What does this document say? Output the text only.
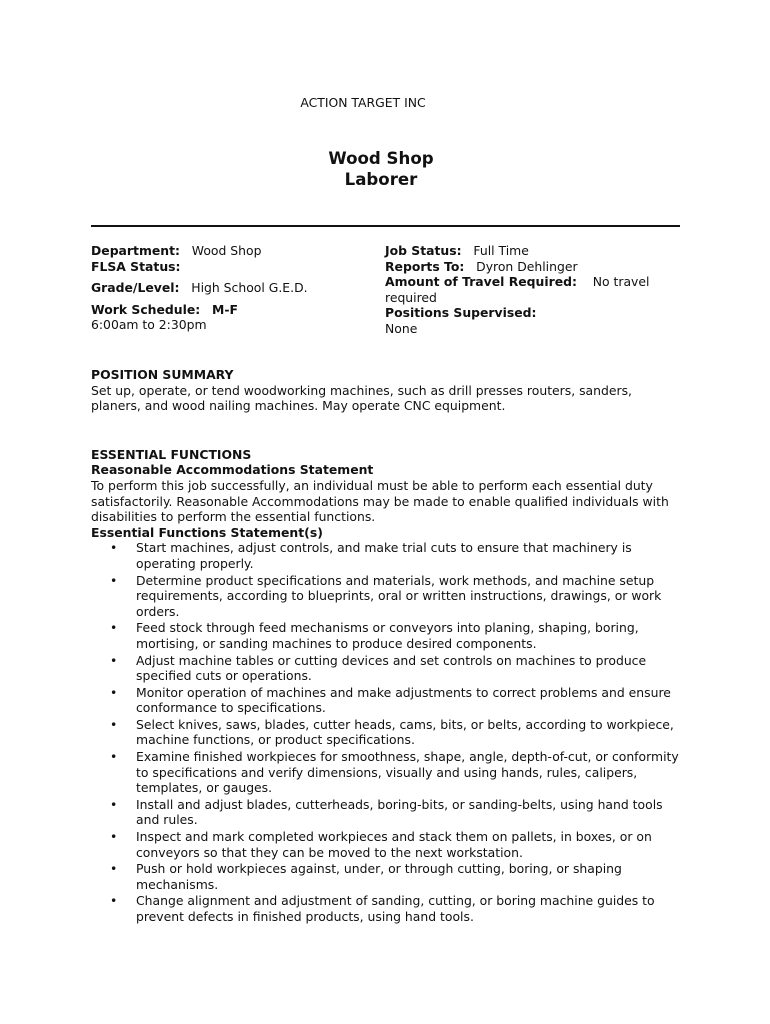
ACTION TARGET INC
Wood Shop
Laborer

Department: Wood Shop

FLSA Status:

Grade/Level: High School G.E.D.

Work Schedule: M-F

6:00am to 2:30pm

Job Status: Full Time

Reports To: Dyron Dehlinger

Amount of Travel Required: No travel required

Positions Supervised:

None

POSITION SUMMARY

Set up, operate, or tend woodworking machines, such as drill presses routers, sanders, planers, and wood nailing machines. May operate CNC equipment.

ESSENTIAL FUNCTIONS

Reasonable Accommodations Statement

To perform this job successfully, an individual must be able to perform each essential duty satisfactorily. Reasonable Accommodations may be made to enable qualified individuals with disabilities to perform the essential functions.

Essential Functions Statement(s)

• Start machines, adjust controls, and make trial cuts to ensure that machinery is operating properly.
• Determine product specifications and materials, work methods, and machine setup requirements, according to blueprints, oral or written instructions, drawings, or work orders.
• Feed stock through feed mechanisms or conveyors into planing, shaping, boring, mortising, or sanding machines to produce desired components.
• Adjust machine tables or cutting devices and set controls on machines to produce specified cuts or operations.
• Monitor operation of machines and make adjustments to correct problems and ensure conformance to specifications.
• Select knives, saws, blades, cutter heads, cams, bits, or belts, according to workpiece, machine functions, or product specifications.
• Examine finished workpieces for smoothness, shape, angle, depth-of-cut, or conformity to specifications and verify dimensions, visually and using hands, rules, calipers, templates, or gauges.
• Install and adjust blades, cutterheads, boring-bits, or sanding-belts, using hand tools and rules.
• Inspect and mark completed workpieces and stack them on pallets, in boxes, or on conveyors so that they can be moved to the next workstation.
• Push or hold workpieces against, under, or through cutting, boring, or shaping mechanisms.
• Change alignment and adjustment of sanding, cutting, or boring machine guides to prevent defects in finished products, using hand tools.
